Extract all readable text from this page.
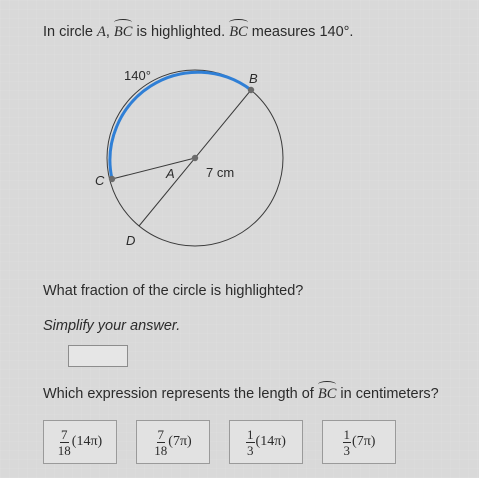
In circle A, BC is highlighted. BC measures 140°.
140°	B
A 7 cm
C
D
What fraction of the circle is highlighted?
Simplify your answer.
Which expression represents the length of BC in centimeters?
$\frac{7}{18} (14\pi)$	$\frac{7}{18} (7\pi)$	$\frac{1}{3} (14\pi)$	$\frac{1}{3} (7\pi)$
